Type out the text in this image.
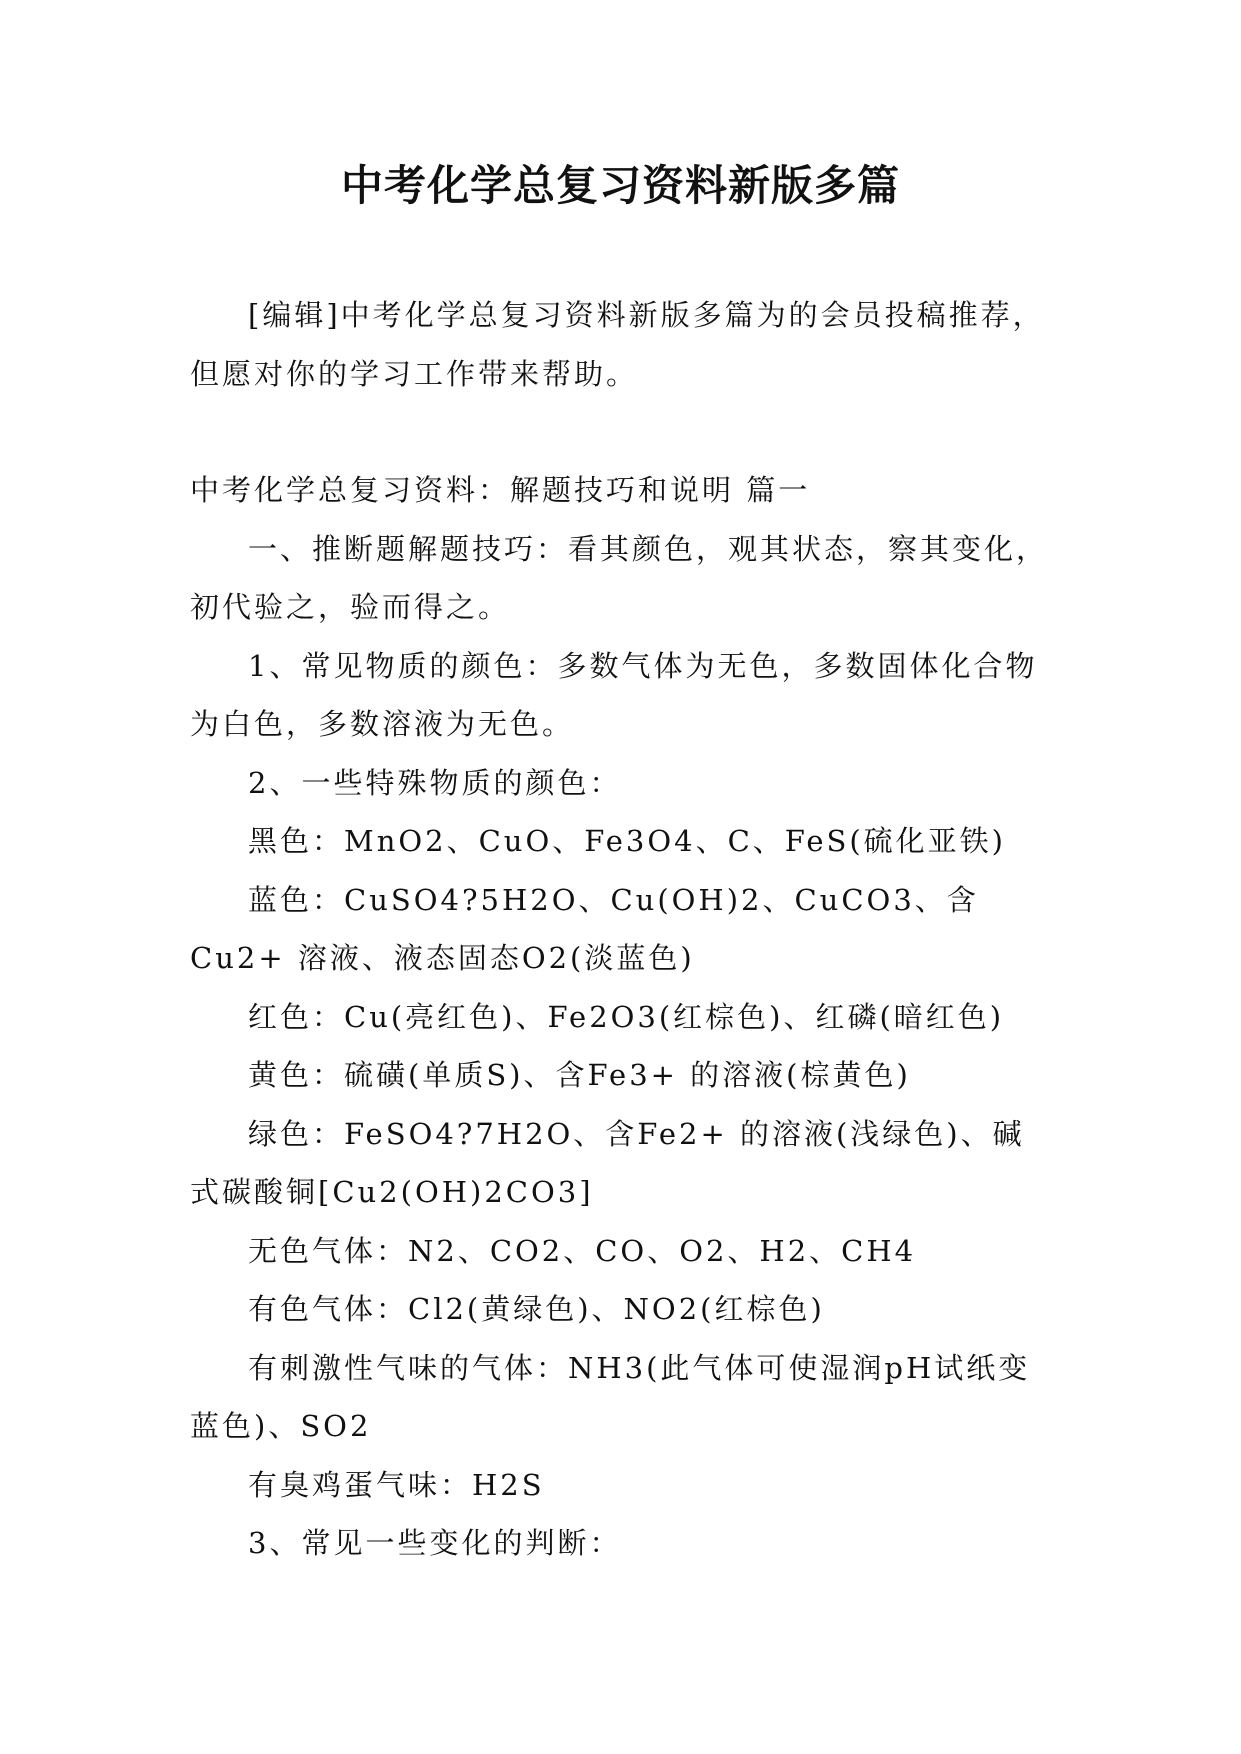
中考化学总复习资料新版多篇

[编辑]中考化学总复习资料新版多篇为的会员投稿推荐，但愿对你的学习工作带来帮助。

中考化学总复习资料：解题技巧和说明 篇一

一、推断题解题技巧：看其颜色，观其状态，察其变化，初代验之，验而得之。

1、常见物质的颜色：多数气体为无色，多数固体化合物为白色，多数溶液为无色。

2、一些特殊物质的颜色：

黑色：MnO2、CuO、Fe3O4、C、FeS(硫化亚铁)

蓝色：CuSO4?5H2O、Cu(OH)2、CuCO3、含Cu2+ 溶液、液态固态O2(淡蓝色)

红色：Cu(亮红色)、Fe2O3(红棕色)、红磷(暗红色)

黄色：硫磺(单质S)、含Fe3+ 的溶液(棕黄色)

绿色：FeSO4?7H2O、含Fe2+ 的溶液(浅绿色)、碱式碳酸铜[Cu2(OH)2CO3]

无色气体：N2、CO2、CO、O2、H2、CH4

有色气体：Cl2(黄绿色)、NO2(红棕色)

有刺激性气味的气体：NH3(此气体可使湿润pH试纸变蓝色)、SO2

有臭鸡蛋气味：H2S

3、常见一些变化的判断：
